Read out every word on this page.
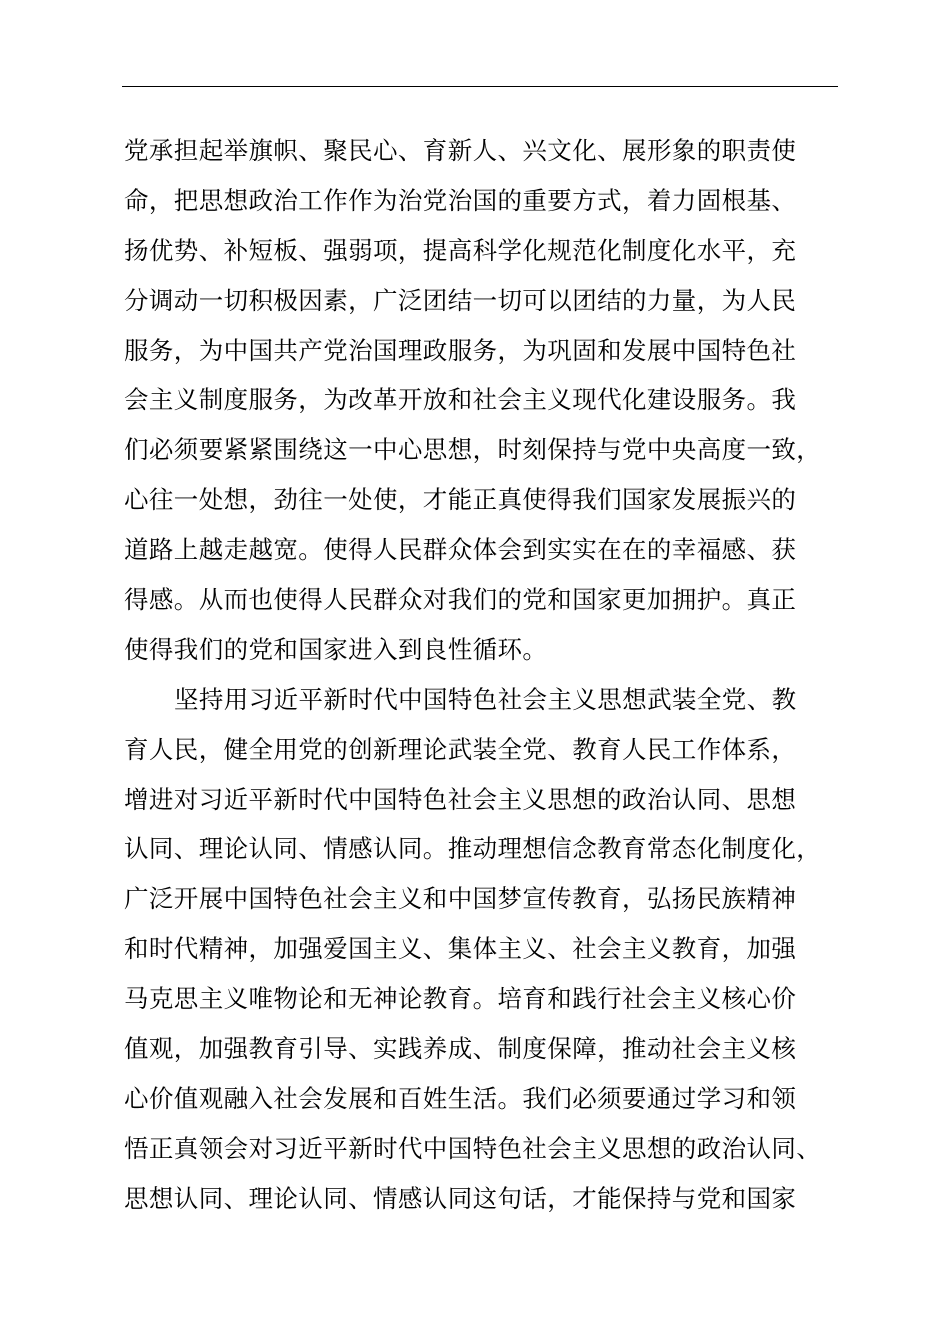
党承担起举旗帜、聚民心、育新人、兴文化、展形象的职责使
命，把思想政治工作作为治党治国的重要方式，着力固根基、
扬优势、补短板、强弱项，提高科学化规范化制度化水平，充
分调动一切积极因素，广泛团结一切可以团结的力量，为人民
服务，为中国共产党治国理政服务，为巩固和发展中国特色社
会主义制度服务，为改革开放和社会主义现代化建设服务。我
们必须要紧紧围绕这一中心思想，时刻保持与党中央高度一致，
心往一处想，劲往一处使，才能正真使得我们国家发展振兴的
道路上越走越宽。使得人民群众体会到实实在在的幸福感、获
得感。从而也使得人民群众对我们的党和国家更加拥护。真正
使得我们的党和国家进入到良性循环。
坚持用习近平新时代中国特色社会主义思想武装全党、教
育人民，健全用党的创新理论武装全党、教育人民工作体系，
增进对习近平新时代中国特色社会主义思想的政治认同、思想
认同、理论认同、情感认同。推动理想信念教育常态化制度化，
广泛开展中国特色社会主义和中国梦宣传教育，弘扬民族精神
和时代精神，加强爱国主义、集体主义、社会主义教育，加强
马克思主义唯物论和无神论教育。培育和践行社会主义核心价
值观，加强教育引导、实践养成、制度保障，推动社会主义核
心价值观融入社会发展和百姓生活。我们必须要通过学习和领
悟正真领会对习近平新时代中国特色社会主义思想的政治认同、
思想认同、理论认同、情感认同这句话，才能保持与党和国家
